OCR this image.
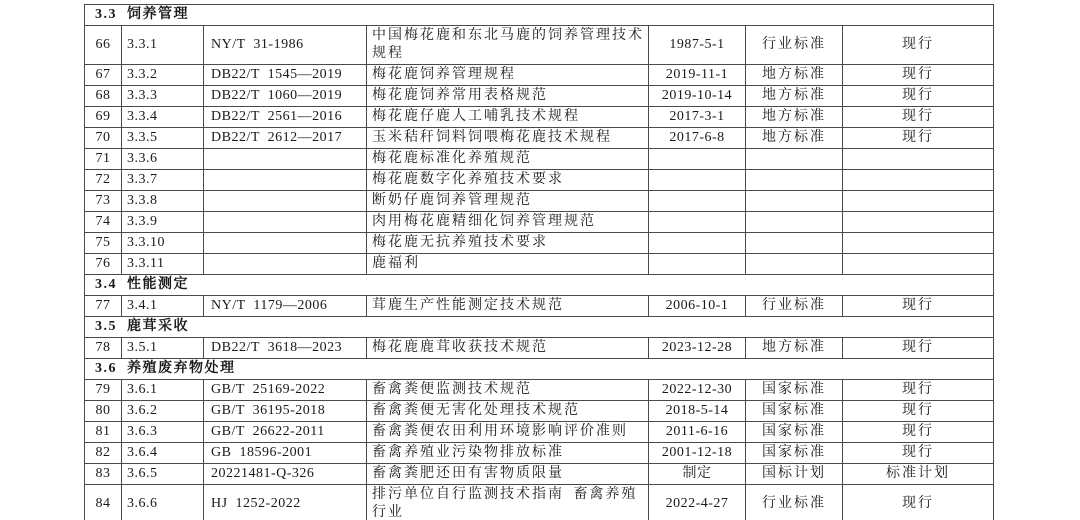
3.3 饲养管理						
66	3.3.1	NY/T 31-1986	中国梅花鹿和东北马鹿的饲养管理技术规程	1987-5-1	行业标准	现行
67	3.3.2	DB22/T 1545—2019	梅花鹿饲养管理规程	2019-11-1	地方标准	现行
68	3.3.3	DB22/T 1060—2019	梅花鹿饲养常用表格规范	2019-10-14	地方标准	现行
69	3.3.4	DB22/T 2561—2016	梅花鹿仔鹿人工哺乳技术规程	2017-3-1	地方标准	现行
70	3.3.5	DB22/T 2612—2017	玉米秸秆饲料饲喂梅花鹿技术规程	2017-6-8	地方标准	现行
71	3.3.6		梅花鹿标准化养殖规范			
72	3.3.7		梅花鹿数字化养殖技术要求			
73	3.3.8		断奶仔鹿饲养管理规范			
74	3.3.9		肉用梅花鹿精细化饲养管理规范			
75	3.3.10		梅花鹿无抗养殖技术要求			
76	3.3.11		鹿福利			
3.4 性能测定						
77	3.4.1	NY/T 1179—2006	茸鹿生产性能测定技术规范	2006-10-1	行业标准	现行
3.5 鹿茸采收						
78	3.5.1	DB22/T 3618—2023	梅花鹿鹿茸收获技术规范	2023-12-28	地方标准	现行
3.6 养殖废弃物处理						
79	3.6.1	GB/T 25169-2022	畜禽粪便监测技术规范	2022-12-30	国家标准	现行
80	3.6.2	GB/T 36195-2018	畜禽粪便无害化处理技术规范	2018-5-14	国家标准	现行
81	3.6.3	GB/T 26622-2011	畜禽粪便农田利用环境影响评价准则	2011-6-16	国家标准	现行
82	3.6.4	GB 18596-2001	畜禽养殖业污染物排放标准	2001-12-18	国家标准	现行
83	3.6.5	20221481-Q-326	畜禽粪肥还田有害物质限量	制定	国标计划	标准计划
84	3.6.6	HJ 1252-2022	排污单位自行监测技术指南 畜禽养殖行业	2022-4-27	行业标准	现行
